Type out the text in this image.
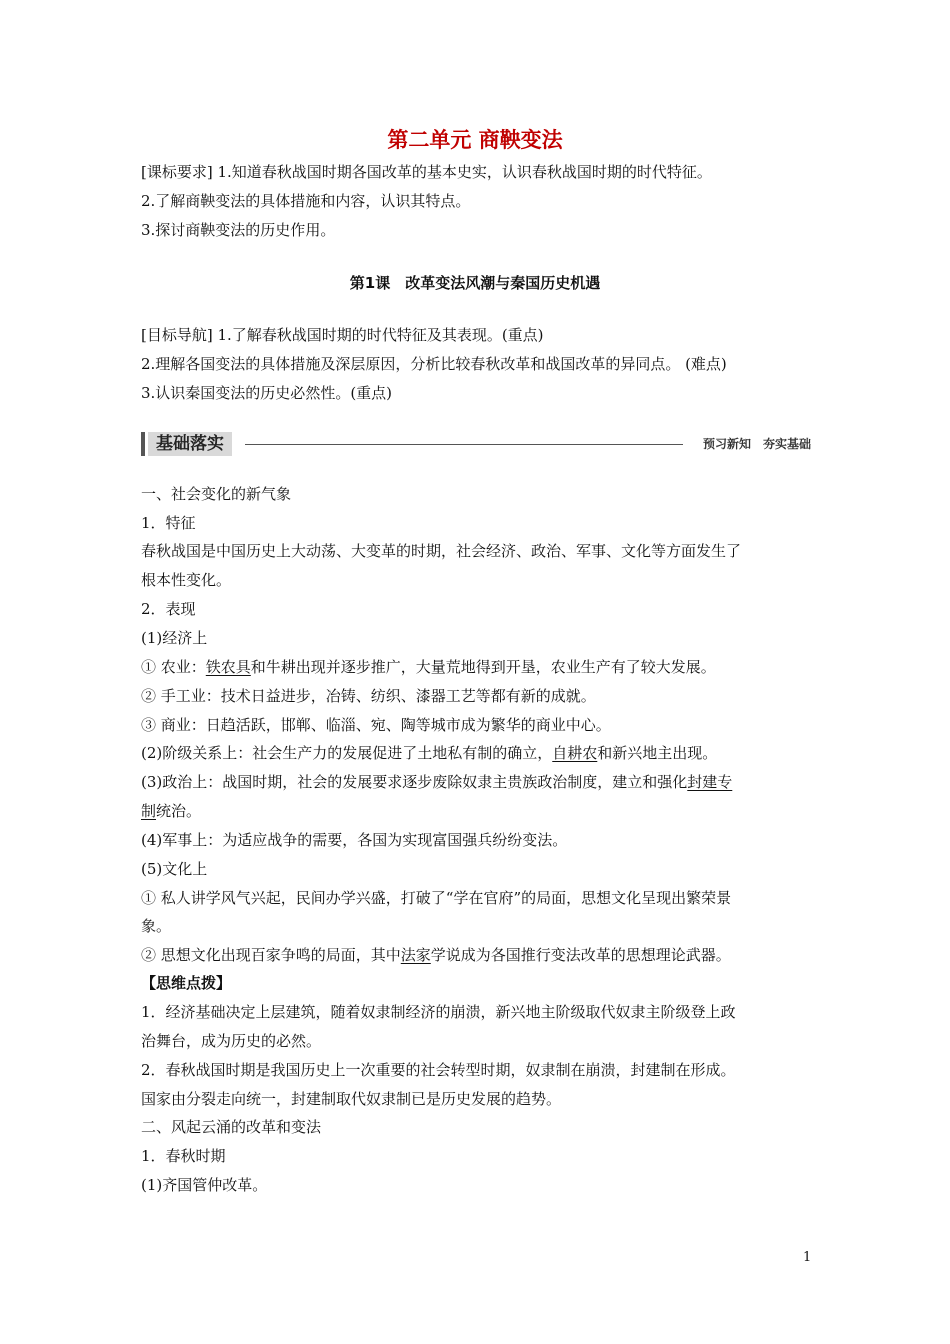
第二单元 商鞅变法
[课标要求] 1.知道春秋战国时期各国改革的基本史实，认识春秋战国时期的时代特征。
2.了解商鞅变法的具体措施和内容，认识其特点。
3.探讨商鞅变法的历史作用。
第1课　改革变法风潮与秦国历史机遇
[目标导航] 1.了解春秋战国时期的时代特征及其表现。(重点)
2.理解各国变法的具体措施及深层原因，分析比较春秋改革和战国改革的异同点。 (难点)
3.认识秦国变法的历史必然性。(重点)
基础落实	预习新知　夯实基础
一、社会变化的新气象
1．特征
春秋战国是中国历史上大动荡、大变革的时期，社会经济、政治、军事、文化等方面发生了
根本性变化。
2．表现
(1)经济上
① 农业：铁农具和牛耕出现并逐步推广，大量荒地得到开垦，农业生产有了较大发展。
② 手工业：技术日益进步，冶铸、纺织、漆器工艺等都有新的成就。
③ 商业：日趋活跃，邯郸、临淄、宛、陶等城市成为繁华的商业中心。
(2)阶级关系上：社会生产力的发展促进了土地私有制的确立，自耕农和新兴地主出现。
(3)政治上：战国时期，社会的发展要求逐步废除奴隶主贵族政治制度，建立和强化封建专
制统治。
(4)军事上：为适应战争的需要，各国为实现富国强兵纷纷变法。
(5)文化上
① 私人讲学风气兴起，民间办学兴盛，打破了“学在官府”的局面，思想文化呈现出繁荣景
象。
② 思想文化出现百家争鸣的局面，其中法家学说成为各国推行变法改革的思想理论武器。
【思维点拨】
1．经济基础决定上层建筑，随着奴隶制经济的崩溃，新兴地主阶级取代奴隶主阶级登上政
治舞台，成为历史的必然。
2．春秋战国时期是我国历史上一次重要的社会转型时期，奴隶制在崩溃，封建制在形成。
国家由分裂走向统一，封建制取代奴隶制已是历史发展的趋势。
二、风起云涌的改革和变法
1．春秋时期
(1)齐国管仲改革。
1
